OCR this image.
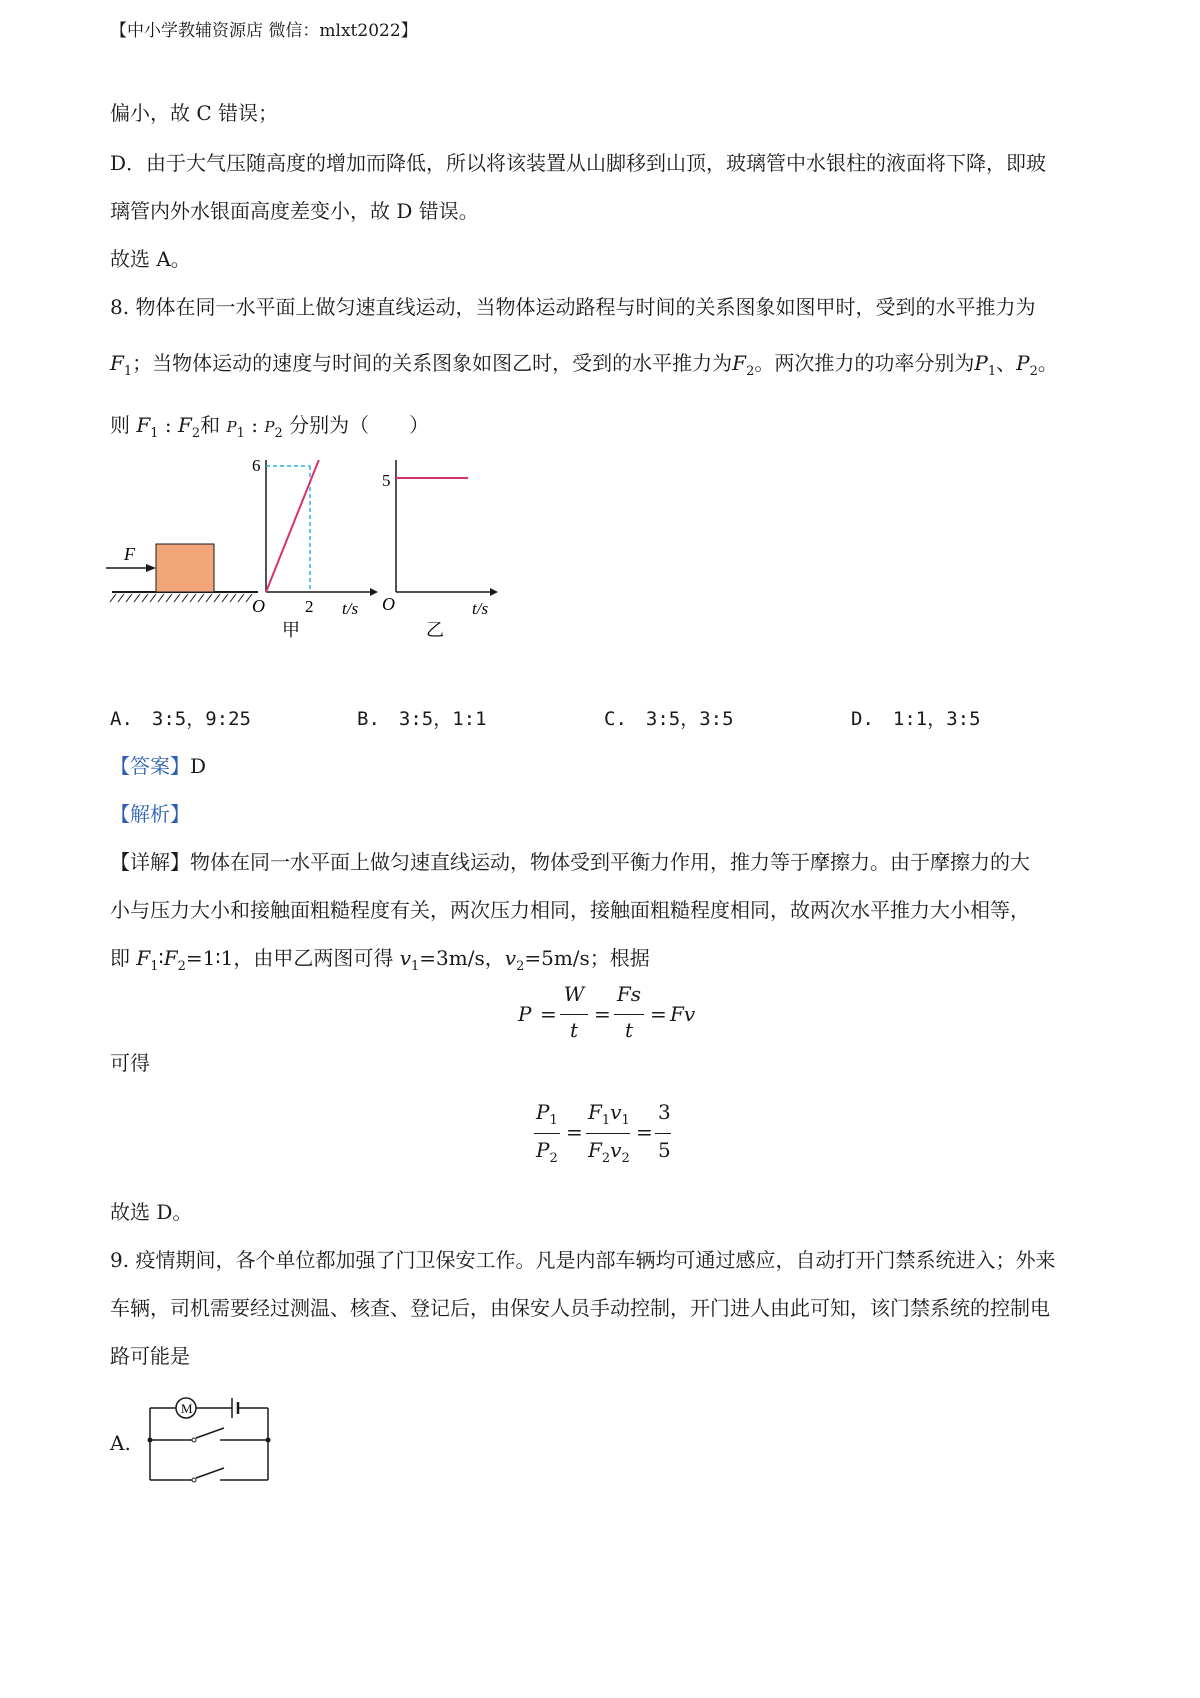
【中小学教辅资源店 微信：mlxt2022】
偏小，故 C 错误；
D．由于大气压随高度的增加而降低，所以将该装置从山脚移到山顶，玻璃管中水银柱的液面将下降，即玻
璃管内外水银面高度差变小，故 D 错误。
故选 A。
8. 物体在同一水平面上做匀速直线运动，当物体运动路程与时间的关系图象如图甲时，受到的水平推力为
$F_1$；当物体运动的速度与时间的关系图象如图乙时，受到的水平推力为$F_2$。两次推力的功率分别为$P_1$、$P_2$。
则 $F_1$ : $F_2$和 $P_1$ : $P_2$ 分别为（　　）
F
6
2
O	t/s
甲
5
O	t/s
乙
A.　3:5，9:25	B.　3:5，1:1	C.　3:5，3:5	D.　1:1，3:5
【答案】D
【解析】
【详解】物体在同一水平面上做匀速直线运动，物体受到平衡力作用，推力等于摩擦力。由于摩擦力的大
小与压力大小和接触面粗糙程度有关，两次压力相同，接触面粗糙程度相同，故两次水平推力大小相等，
即 $F_1∶F_2=1∶1$，由甲乙两图可得 $v_1=3m/s$，$v_2=5m/s$；根据
P =
W
t
=
Fs
t
= Fv
可得
$P_1$
$P_2$
=
$F_1v_1$
$F_2v_2$
=
3
5
故选 D。
9. 疫情期间，各个单位都加强了门卫保安工作。凡是内部车辆均可通过感应，自动打开门禁系统进入；外来
车辆，司机需要经过测温、核查、登记后，由保安人员手动控制，开门进人由此可知，该门禁系统的控制电
路可能是
A.
M
